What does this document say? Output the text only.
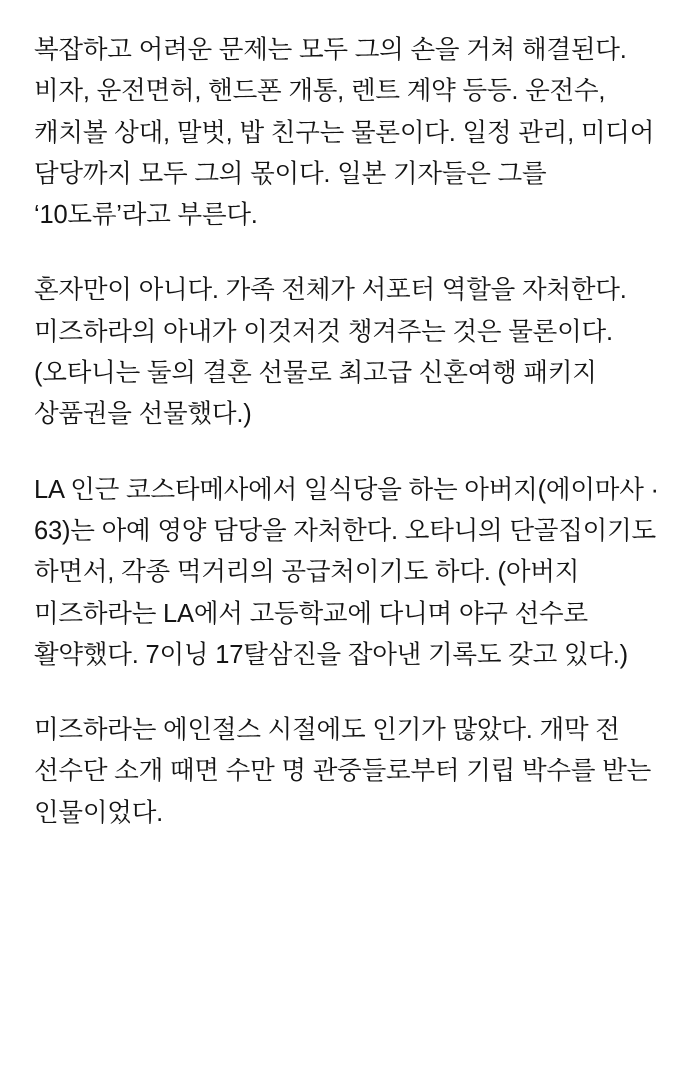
복잡하고 어려운 문제는 모두 그의 손을 거쳐 해결된다. 비자, 운전면허, 핸드폰 개통, 렌트 계약 등등. 운전수, 캐치볼 상대, 말벗, 밥 친구는 물론이다. 일정 관리, 미디어 담당까지 모두 그의 몫이다. 일본 기자들은 그를 ‘10도류’라고 부른다.

혼자만이 아니다. 가족 전체가 서포터 역할을 자처한다. 미즈하라의 아내가 이것저것 챙겨주는 것은 물론이다. (오타니는 둘의 결혼 선물로 최고급 신혼여행 패키지 상품권을 선물했다.)

LA 인근 코스타메사에서 일식당을 하는 아버지(에이마사 · 63)는 아예 영양 담당을 자처한다. 오타니의 단골집이기도 하면서, 각종 먹거리의 공급처이기도 하다. (아버지 미즈하라는 LA에서 고등학교에 다니며 야구 선수로 활약했다. 7이닝 17탈삼진을 잡아낸 기록도 갖고 있다.)

미즈하라는 에인절스 시절에도 인기가 많았다. 개막 전 선수단 소개 때면 수만 명 관중들로부터 기립 박수를 받는 인물이었다.
